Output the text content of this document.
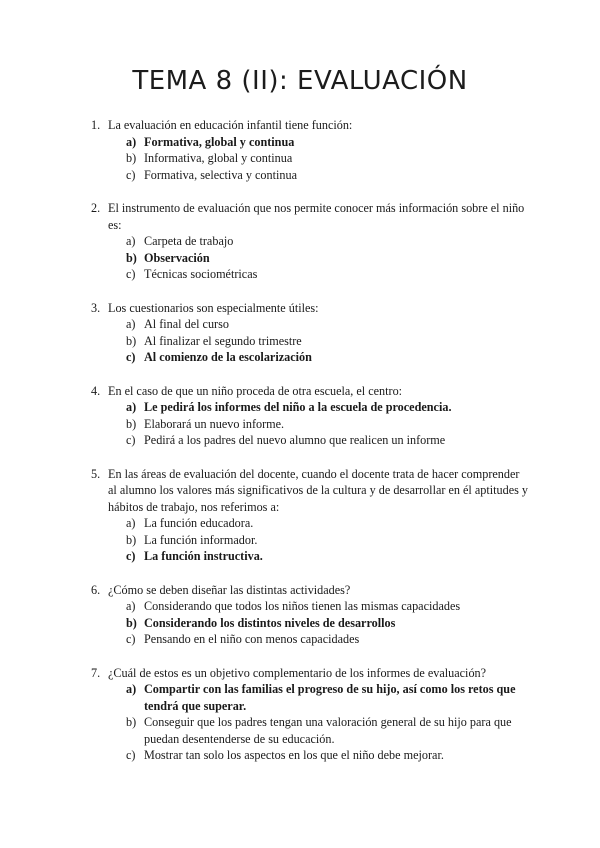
TEMA 8 (II): EVALUACIÓN
1. La evaluación en educación infantil tiene función:
a) Formativa, global y continua
b) Informativa, global y continua
c) Formativa, selectiva y continua
2. El instrumento de evaluación que nos permite conocer más información sobre el niño es:
a) Carpeta de trabajo
b) Observación
c) Técnicas sociométricas
3. Los cuestionarios son especialmente útiles:
a) Al final del curso
b) Al finalizar el segundo trimestre
c) Al comienzo de la escolarización
4. En el caso de que un niño proceda de otra escuela, el centro:
a) Le pedirá los informes del niño a la escuela de procedencia.
b) Elaborará un nuevo informe.
c) Pedirá a los padres del nuevo alumno que realicen un informe
5. En las áreas de evaluación del docente, cuando el docente trata de hacer comprender al alumno los valores más significativos de la cultura y de desarrollar en él aptitudes y hábitos de trabajo, nos referimos a:
a) La función educadora.
b) La función informador.
c) La función instructiva.
6. ¿Cómo se deben diseñar las distintas actividades?
a) Considerando que todos los niños tienen las mismas capacidades
b) Considerando los distintos niveles de desarrollos
c) Pensando en el niño con menos capacidades
7. ¿Cuál de estos es un objetivo complementario de los informes de evaluación?
a) Compartir con las familias el progreso de su hijo, así como los retos que tendrá que superar.
b) Conseguir que los padres tengan una valoración general de su hijo para que puedan desentenderse de su educación.
c) Mostrar tan solo los aspectos en los que el niño debe mejorar.
